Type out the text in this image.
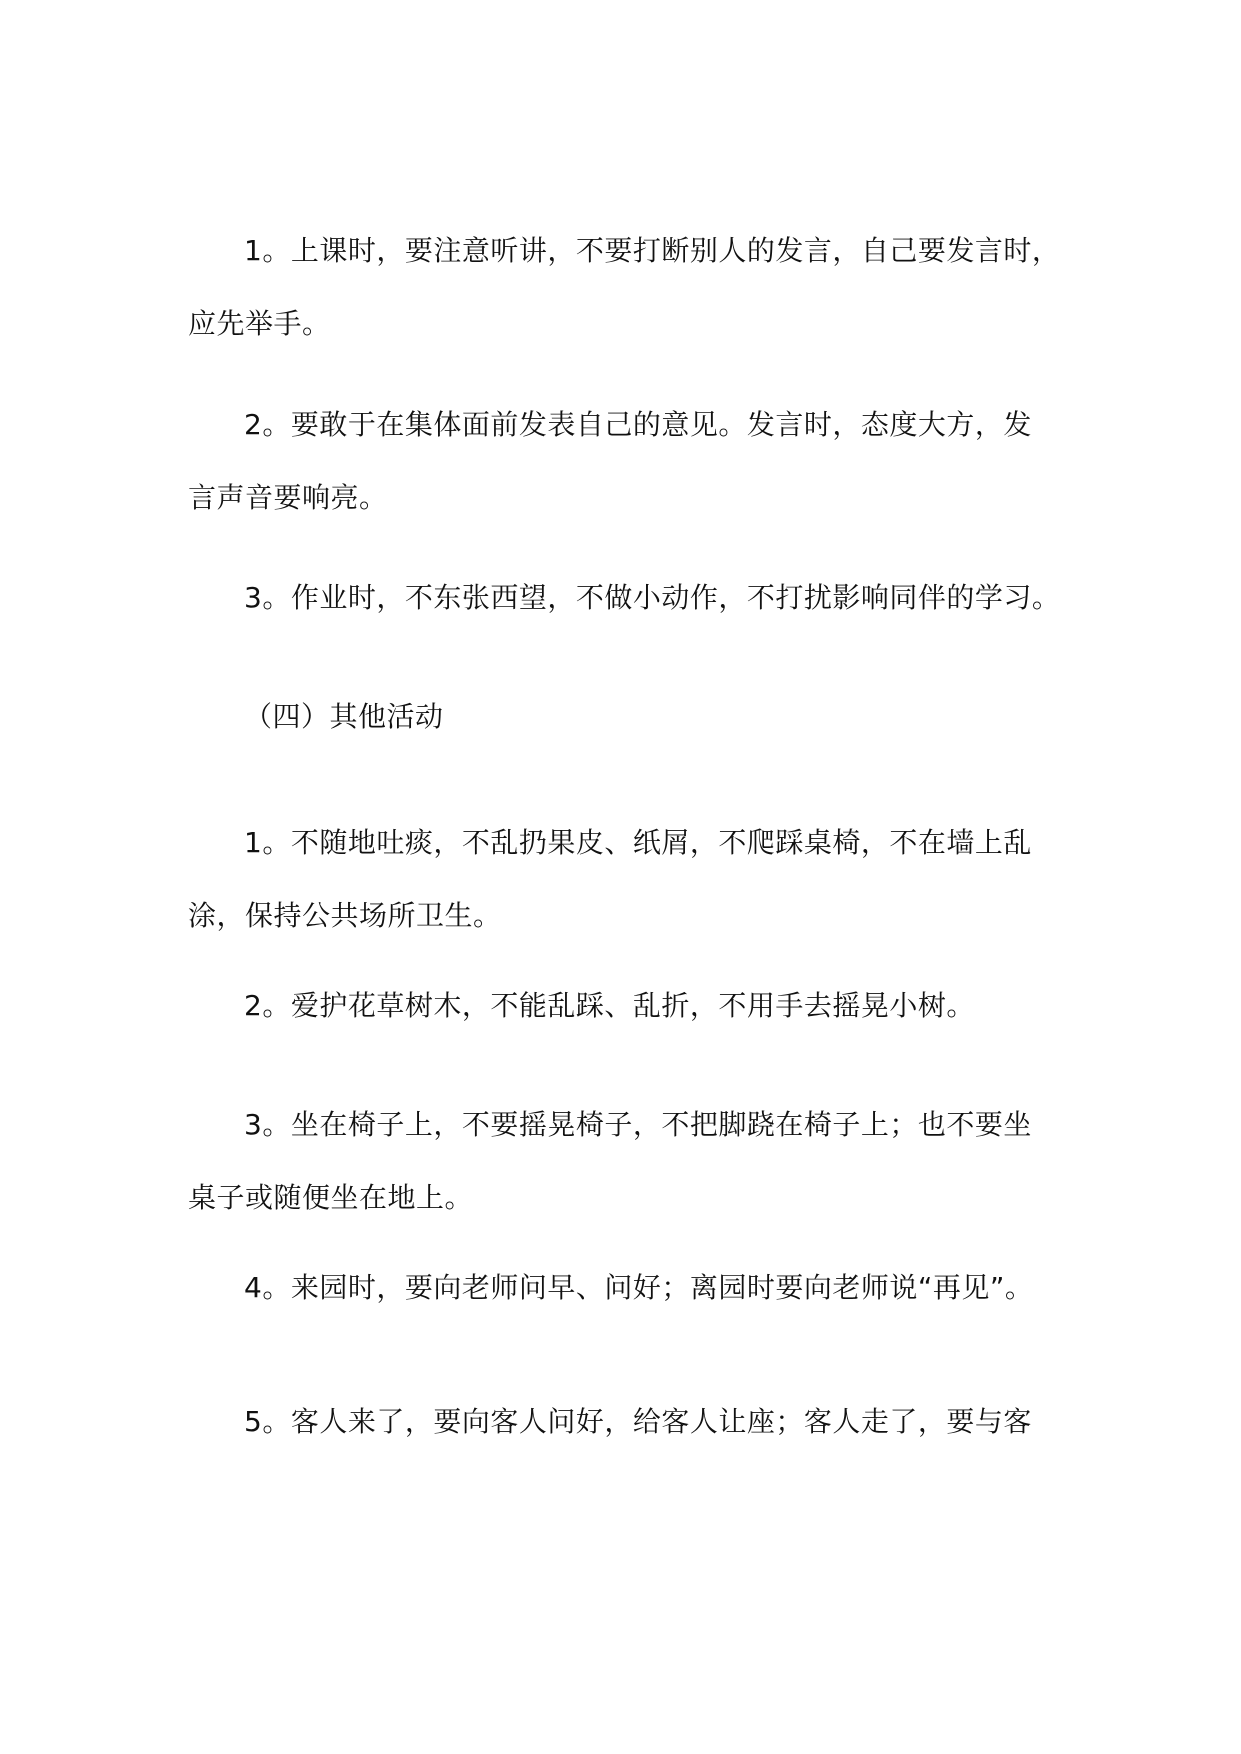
1。上课时，要注意听讲，不要打断别人的发言，自己要发言时，
应先举手。
2。要敢于在集体面前发表自己的意见。发言时，态度大方，发
言声音要响亮。
3。作业时，不东张西望，不做小动作，不打扰影响同伴的学习。
（四）其他活动
1。不随地吐痰，不乱扔果皮、纸屑，不爬踩桌椅，不在墙上乱
涂，保持公共场所卫生。
2。爱护花草树木，不能乱踩、乱折，不用手去摇晃小树。
3。坐在椅子上，不要摇晃椅子，不把脚跷在椅子上；也不要坐
桌子或随便坐在地上。
4。来园时，要向老师问早、问好；离园时要向老师说“再见”。
5。客人来了，要向客人问好，给客人让座；客人走了，要与客
